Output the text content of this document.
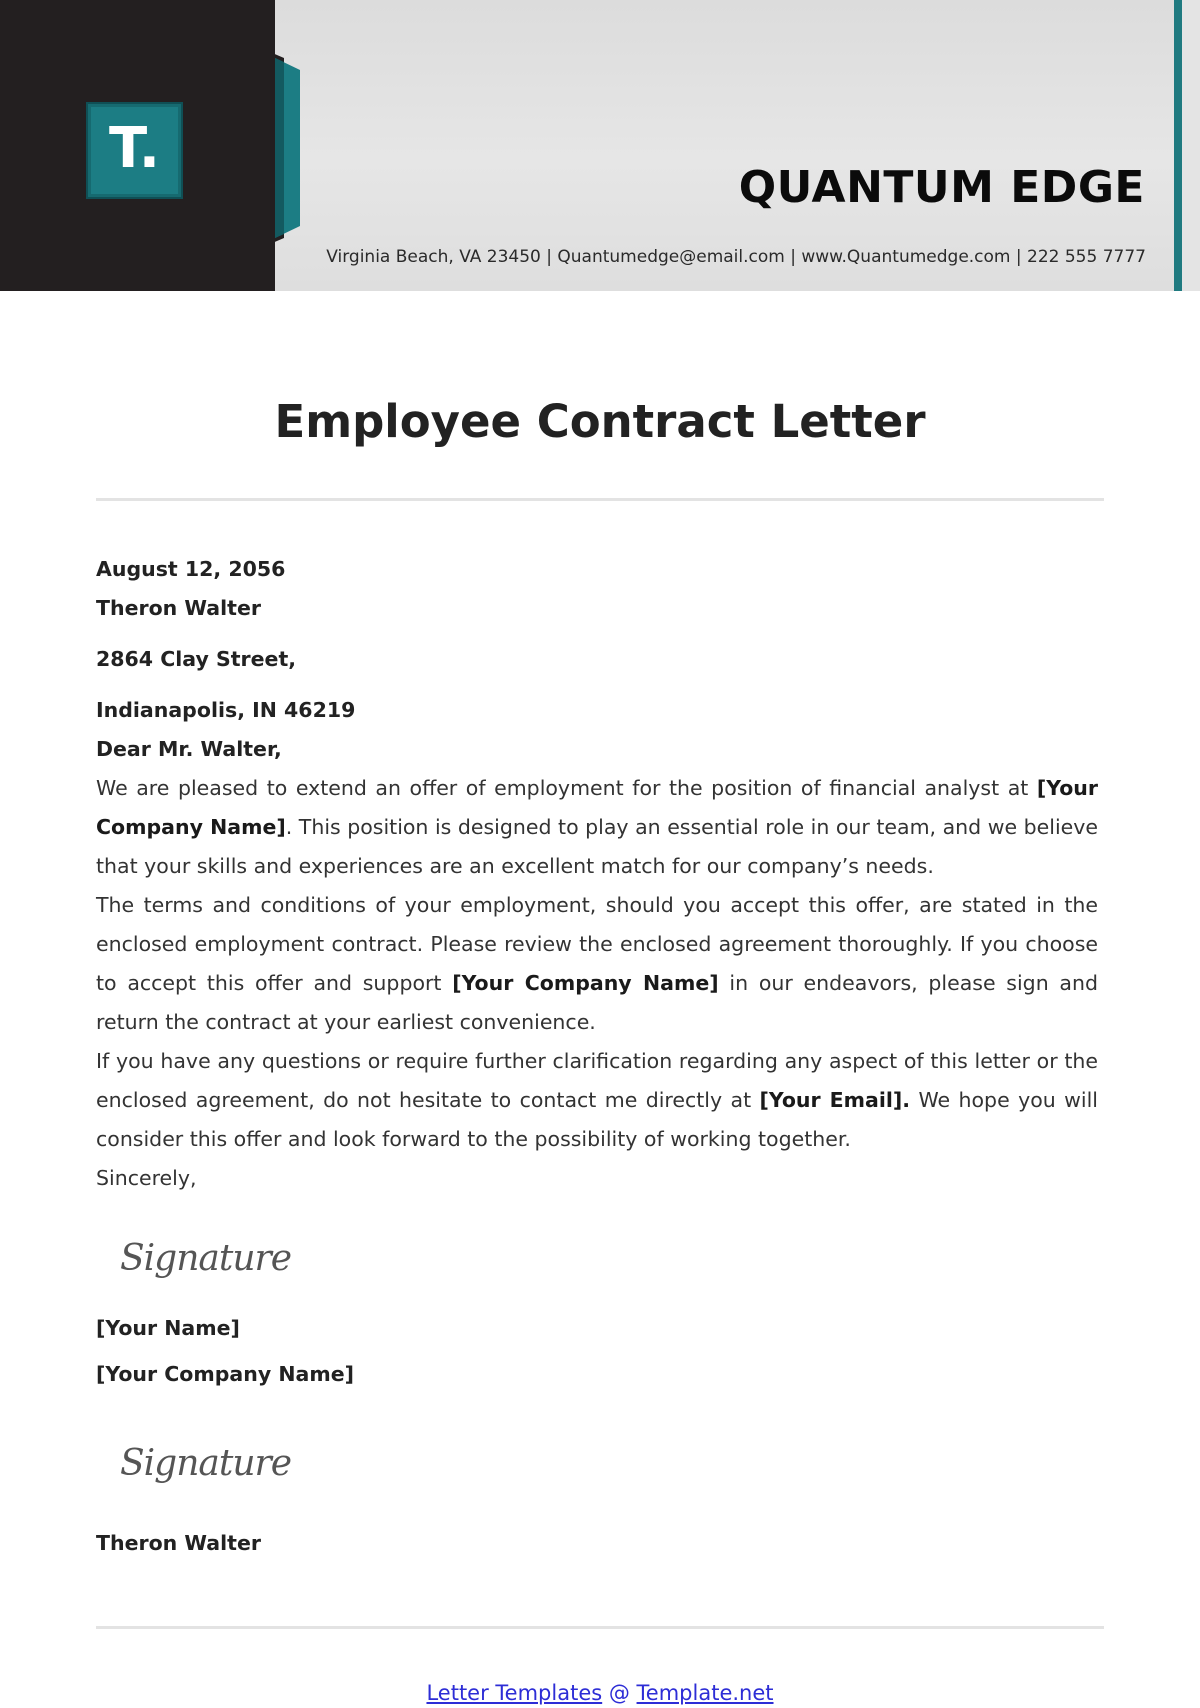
T.
QUANTUM EDGE
Virginia Beach, VA 23450 | Quantumedge@email.com | www.Quantumedge.com | 222 555 7777
Employee Contract Letter
August 12, 2056
Theron Walter
2864 Clay Street,
Indianapolis, IN 46219
Dear Mr. Walter,

We are pleased to extend an offer of employment for the position of financial analyst at [Your Company Name]. This position is designed to play an essential role in our team, and we believe that your skills and experiences are an excellent match for our company’s needs.

The terms and conditions of your employment, should you accept this offer, are stated in the enclosed employment contract. Please review the enclosed agreement thoroughly. If you choose to accept this offer and support [Your Company Name] in our endeavors, please sign and return the contract at your earliest convenience.

If you have any questions or require further clarification regarding any aspect of this letter or the enclosed agreement, do not hesitate to contact me directly at [Your Email]. We hope you will consider this offer and look forward to the possibility of working together.

Sincerely,
Signature
[Your Name]
[Your Company Name]
Signature
Theron Walter
Letter Templates @ Template.net
